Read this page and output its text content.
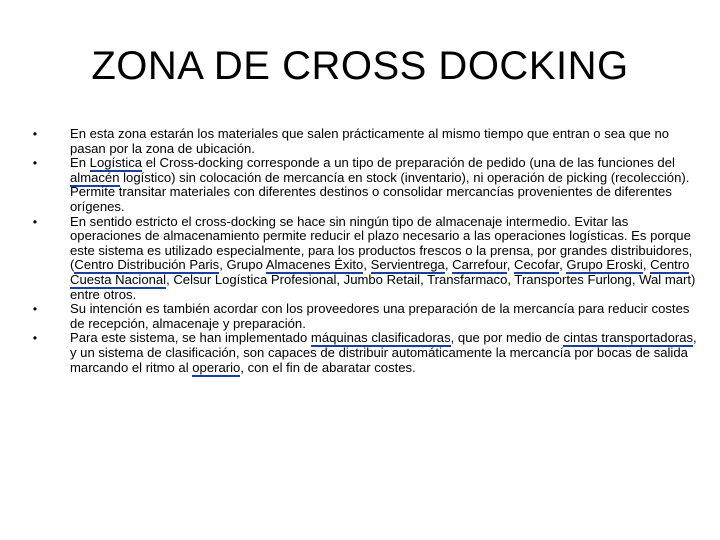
ZONA DE CROSS DOCKING
•	En esta zona estarán los materiales que salen prácticamente al mismo tiempo que entran o sea que no pasan por la zona de ubicación.
•	En Logística el Cross-docking corresponde a un tipo de preparación de pedido (una de las funciones del almacén logístico) sin colocación de mercancía en stock (inventario), ni operación de picking (recolección). Permite transitar materiales con diferentes destinos o consolidar mercancías provenientes de diferentes orígenes.
•	En sentido estricto el cross-docking se hace sin ningún tipo de almacenaje intermedio. Evitar las operaciones de almacenamiento permite reducir el plazo necesario a las operaciones logísticas. Es porque este sistema es utilizado especialmente, para los productos frescos o la prensa, por grandes distribuidores, (Centro Distribución Paris, Grupo Almacenes Éxito, Servientrega, Carrefour, Cecofar, Grupo Eroski, Centro Cuesta Nacional, Celsur Logística Profesional, Jumbo Retail, Transfarmaco, Transportes Furlong, Wal mart) entre otros.
•	Su intención es también acordar con los proveedores una preparación de la mercancía para reducir costes de recepción, almacenaje y preparación.
•	Para este sistema, se han implementado máquinas clasificadoras, que por medio de cintas transportadoras, y un sistema de clasificación, son capaces de distribuir automáticamente la mercancía por bocas de salida marcando el ritmo al operario, con el fin de abaratar costes.
